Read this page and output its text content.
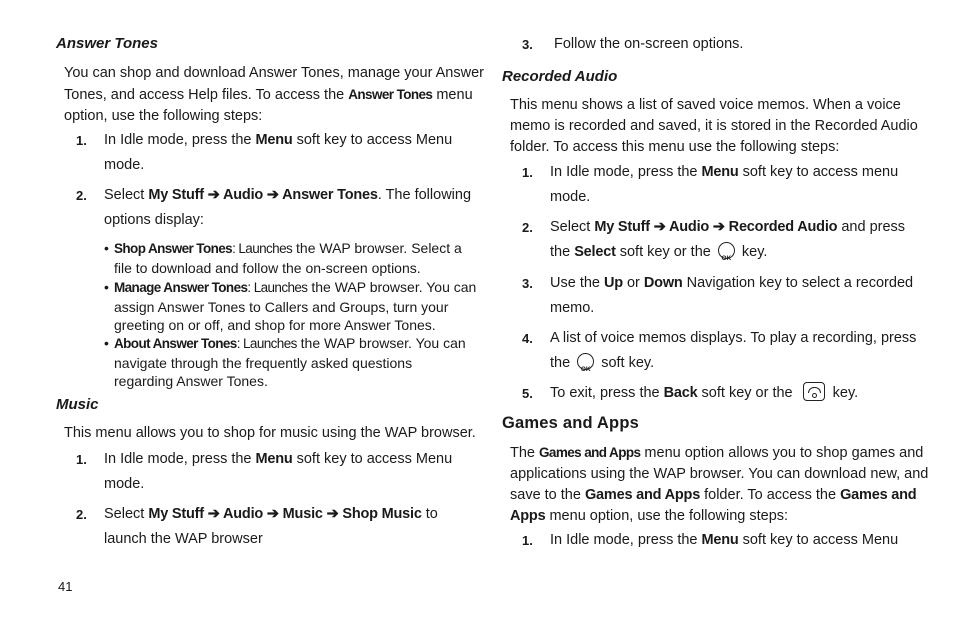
Answer Tones
You can shop and download Answer Tones, manage your Answer
Tones, and access Help files. To access the Answer Tones menu
option, use the following steps:
1. In Idle mode, press the Menu soft key to access Menu
mode.
2. Select My Stuff ➔ Audio ➔ Answer Tones. The following
options display:
• Shop Answer Tones: Launches the WAP browser. Select a
file to download and follow the on-screen options.
• Manage Answer Tones: Launches the WAP browser. You can
assign Answer Tones to Callers and Groups, turn your
greeting on or off, and shop for more Answer Tones.
• About Answer Tones: Launches the WAP browser. You can
navigate through the frequently asked questions
regarding Answer Tones.
Music
This menu allows you to shop for music using the WAP browser.
1. In Idle mode, press the Menu soft key to access Menu
mode.
2. Select My Stuff ➔ Audio ➔ Music ➔ Shop Music to
launch the WAP browser
41
3. Follow the on-screen options.
Recorded Audio
This menu shows a list of saved voice memos. When a voice
memo is recorded and saved, it is stored in the Recorded Audio
folder. To access this menu use the following steps:
1. In Idle mode, press the Menu soft key to access menu
mode.
2. Select My Stuff ➔ Audio ➔ Recorded Audio and press
the Select soft key or the OK key.
3. Use the Up or Down Navigation key to select a recorded
memo.
4. A list of voice memos displays. To play a recording, press
the OK soft key.
5. To exit, press the Back soft key or the  key.
Games and Apps
The Games and Apps menu option allows you to shop games and
applications using the WAP browser. You can download new, and
save to the Games and Apps folder. To access the Games and
Apps menu option, use the following steps:
1. In Idle mode, press the Menu soft key to access Menu
